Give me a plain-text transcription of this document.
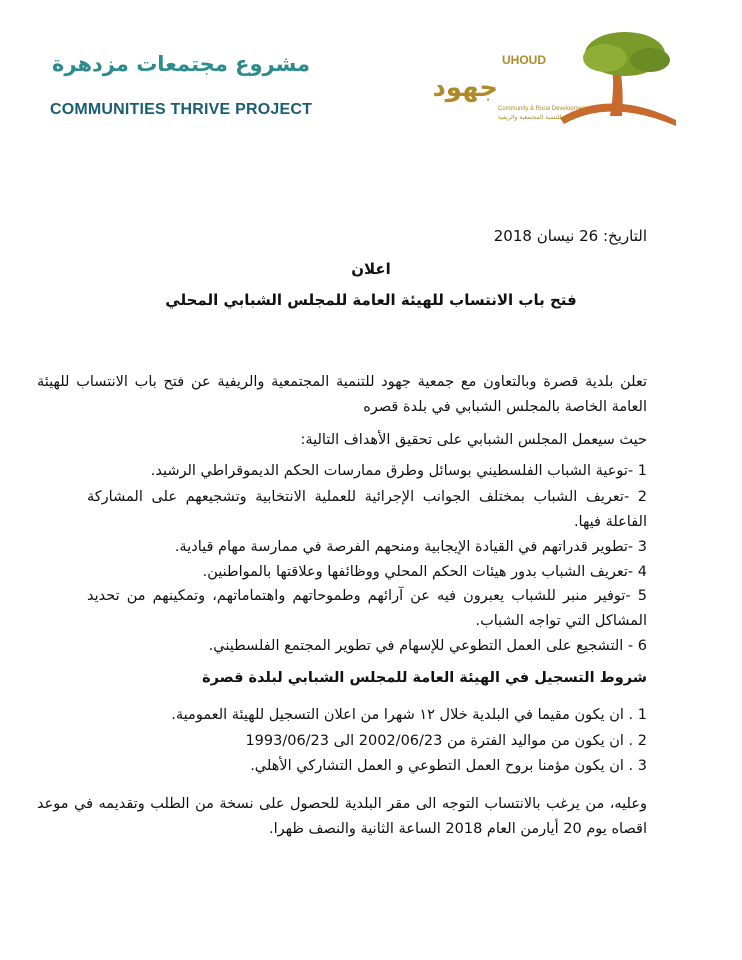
مشروع مجتمعات مزدهرة
COMMUNITIES THRIVE PROJECT
UHOUD
جهود
Community & Rural Development
جهود للتنمية المجتمعية والريفية
التاريخ: 26 نيسان 2018
اعلان
فتح باب الانتساب للهيئة العامة للمجلس الشبابي المحلي
تعلن بلدية قصرة وبالتعاون مع جمعية جهود للتنمية المجتمعية والريفية عن فتح باب الانتساب للهيئة العامة الخاصة بالمجلس الشبابي في بلدة قصره
حيث سيعمل المجلس الشبابي على تحقيق الأهداف التالية:
1 -توعية الشباب الفلسطيني بوسائل وطرق ممارسات الحكم الديموقراطي الرشيد.
2 -تعريف الشباب بمختلف الجوانب الإجرائية للعملية الانتخابية وتشجيعهم على المشاركة الفاعلة فيها.
3 -تطوير قدراتهم في القيادة الإيجابية ومنحهم الفرصة في ممارسة مهام قيادية.
4 -تعريف الشباب بدور هيئات الحكم المحلي ووظائفها وعلاقتها بالمواطنين.
5 -توفير منبر للشباب يعبرون فيه عن آرائهم وطموحاتهم واهتماماتهم، وتمكينهم من تحديد المشاكل التي تواجه الشباب.
6 - التشجيع على العمل التطوعي للإسهام في تطوير المجتمع الفلسطيني.
شروط التسجيل في الهيئة العامة للمجلس الشبابي لبلدة قصرة
1 . ان يكون مقيما في البلدية خلال ١٢ شهرا من اعلان التسجيل للهيئة العمومية.
2 . ان يكون من مواليد الفترة من 2002/06/23 الى 1993/06/23
3 . ان يكون مؤمنا بروح العمل التطوعي و العمل التشاركي الأهلي.
وعليه، من يرغب بالانتساب التوجه الى مقر البلدية للحصول على نسخة من الطلب وتقديمه في موعد اقصاه يوم 20 أيارمن العام 2018 الساعة الثانية والنصف ظهرا.
